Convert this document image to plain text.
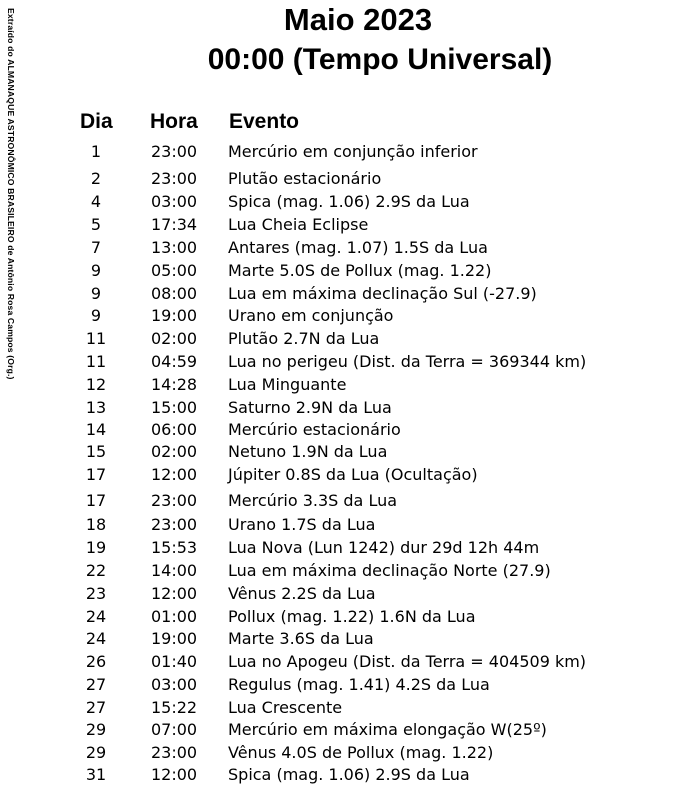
Extraído do ALMANAQUE ASTRONÔMICO BRASILEIRO de Antônio Rosa Campos (Org.)	Maio 2023
00:00 (Tempo Universal)
Dia Hora Evento
1	23:00 Mercúrio em conjunção inferior
2	23:00 Plutão estacionário
4	03:00 Spica (mag. 1.06) 2.9S da Lua
5	17:34 Lua Cheia Eclipse
7	13:00 Antares (mag. 1.07) 1.5S da Lua
9	05:00 Marte 5.0S de Pollux (mag. 1.22)
9	08:00 Lua em máxima declinação Sul (-27.9)
9	19:00 Urano em conjunção
11	02:00 Plutão 2.7N da Lua
11	04:59 Lua no perigeu (Dist. da Terra = 369344 km)
12	14:28 Lua Minguante
13	15:00 Saturno 2.9N da Lua
14	06:00 Mercúrio estacionário
15	02:00 Netuno 1.9N da Lua
17	12:00 Júpiter 0.8S da Lua (Ocultação)
17	23:00 Mercúrio 3.3S da Lua
18	23:00 Urano 1.7S da Lua
19	15:53 Lua Nova (Lun 1242) dur 29d 12h 44m
22	14:00 Lua em máxima declinação Norte (27.9)
23	12:00 Vênus 2.2S da Lua
24	01:00 Pollux (mag. 1.22) 1.6N da Lua
24	19:00 Marte 3.6S da Lua
26	01:40 Lua no Apogeu (Dist. da Terra = 404509 km)
27	03:00 Regulus (mag. 1.41) 4.2S da Lua
27	15:22 Lua Crescente
29	07:00 Mercúrio em máxima elongação W(25º)
29	23:00 Vênus 4.0S de Pollux (mag. 1.22)
31	12:00 Spica (mag. 1.06) 2.9S da Lua
